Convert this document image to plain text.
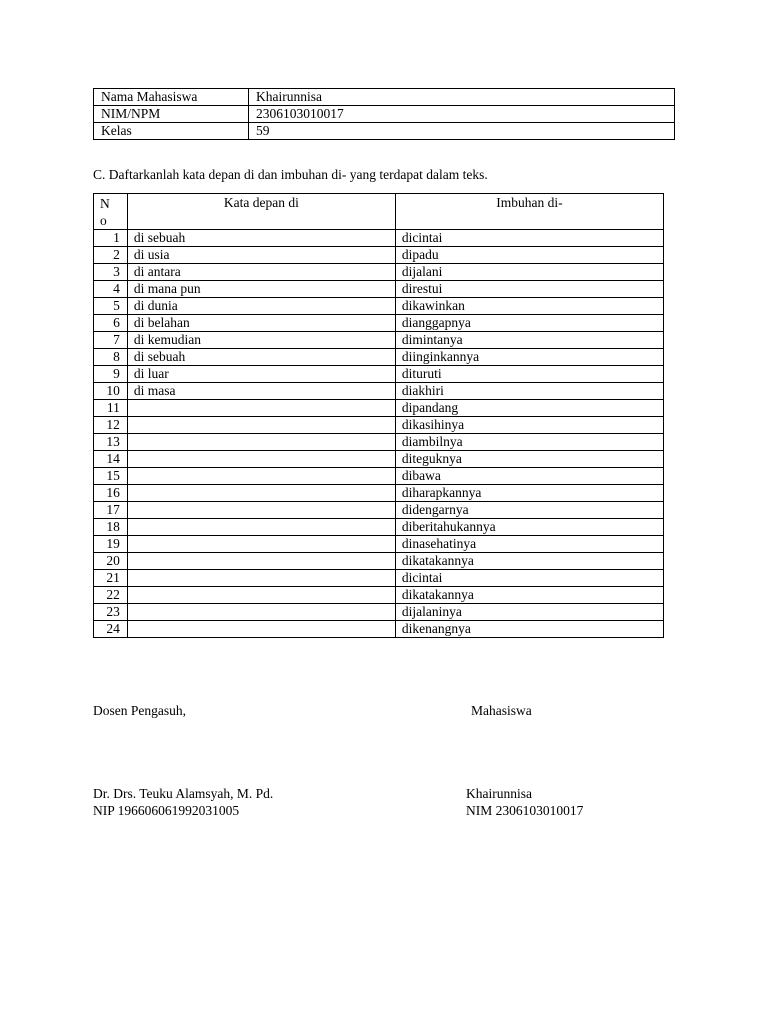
Nama Mahasiswa	Khairunnisa
NIM/NPM	2306103010017
Kelas	59
C. Daftarkanlah kata depan di dan imbuhan di- yang terdapat dalam teks.
No	Kata depan di	Imbuhan di-
1	di sebuah	dicintai
2	di usia	dipadu
3	di antara	dijalani
4	di mana pun	direstui
5	di dunia	dikawinkan
6	di belahan	dianggapnya
7	di kemudian	dimintanya
8	di sebuah	diinginkannya
9	di luar	dituruti
10	di masa	diakhiri
11		dipandang
12		dikasihinya
13		diambilnya
14		diteguknya
15		dibawa
16		diharapkannya
17		didengarnya
18		diberitahukannya
19		dinasehatinya
20		dikatakannya
21		dicintai
22		dikatakannya
23		dijalaninya
24		dikenangnya
Dosen Pengasuh,	Mahasiswa
Dr. Drs. Teuku Alamsyah, M. Pd.
NIP 196606061992031005
Khairunnisa
NIM 2306103010017
